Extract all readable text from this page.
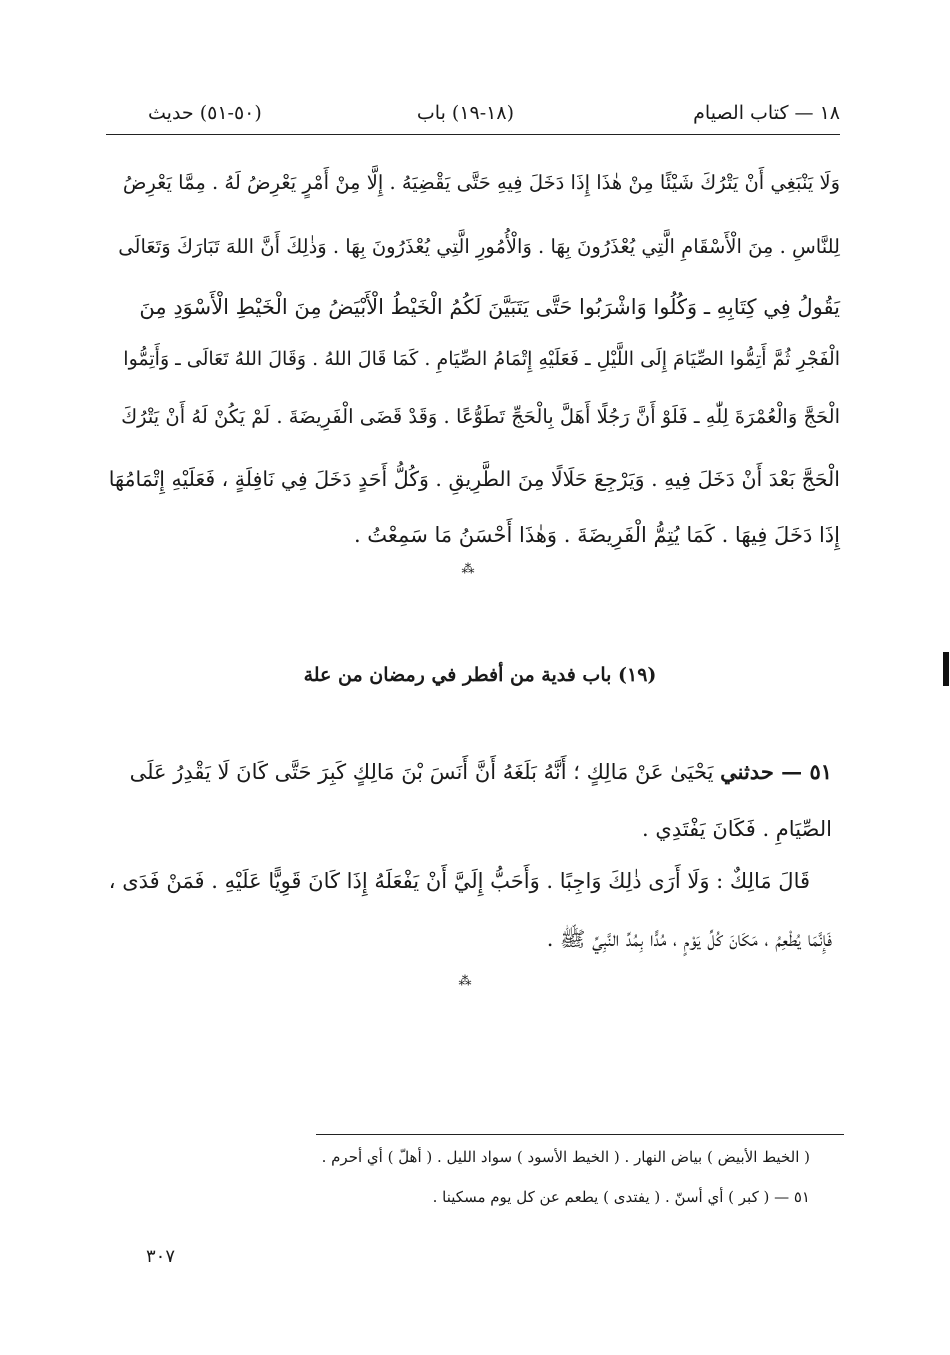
١٨ — كتاب الصيام
(١٨-١٩) باب
(٥٠-٥١) حديث
وَلَا يَنْبَغِي أَنْ يَتْرُكَ شَيْئًا مِنْ هٰذَا إِذَا دَخَلَ فِيهِ حَتَّى يَقْضِيَهُ . إِلَّا مِنْ أَمْرٍ يَعْرِضُ لَهُ . مِمَّا يَعْرِضُ
لِلنَّاسِ . مِنَ الْأَسْقَامِ الَّتِي يُعْذَرُونَ بِهَا . وَالْأُمُورِ الَّتِي يُعْذَرُونَ بِهَا . وَذٰلِكَ أَنَّ اللهَ تَبَارَكَ وَتَعَالَى
يَقُولُ فِي كِتَابِهِ ـ وَكُلُوا وَاشْرَبُوا حَتَّى يَتَبَيَّنَ لَكُمُ الْخَيْطُ الْأَبْيَضُ مِنَ الْخَيْطِ الْأَسْوَدِ مِنَ
الْفَجْرِ ثُمَّ أَتِمُّوا الصِّيَامَ إِلَى اللَّيْلِ ـ فَعَلَيْهِ إِتْمَامُ الصِّيَامِ . كَمَا قَالَ اللهُ . وَقَالَ اللهُ تَعَالَى ـ وَأَتِمُّوا
الْحَجَّ وَالْعُمْرَةَ لِلّٰهِ ـ فَلَوْ أَنَّ رَجُلًا أَهَلَّ بِالْحَجِّ تَطَوُّعًا . وَقَدْ قَضَى الْفَرِيضَةَ . لَمْ يَكُنْ لَهُ أَنْ يَتْرُكَ
الْحَجَّ بَعْدَ أَنْ دَخَلَ فِيهِ . وَيَرْجِعَ حَلَالًا مِنَ الطَّرِيقِ . وَكُلُّ أَحَدٍ دَخَلَ فِي نَافِلَةٍ ، فَعَلَيْهِ إِتْمَامُهَا
إِذَا دَخَلَ فِيهَا . كَمَا يُتِمُّ الْفَرِيضَةَ . وَهٰذَا أَحْسَنُ مَا سَمِعْتُ .
⁂
(١٩) باب فدية من أفطر في رمضان من علة
٥١ — حدثني يَحْيَىٰ عَنْ مَالِكٍ ؛ أَنَّهُ بَلَغَهُ أَنَّ أَنَسَ بْنَ مَالِكٍ كَبِرَ حَتَّى كَانَ لَا يَقْدِرُ عَلَى
الصِّيَامِ . فَكَانَ يَفْتَدِي .
قَالَ مَالِكٌ : وَلَا أَرَى ذٰلِكَ وَاجِبًا . وَأَحَبُّ إِلَيَّ أَنْ يَفْعَلَهُ إِذَا كَانَ قَوِيًّا عَلَيْهِ . فَمَنْ فَدَى ،
فَإِنَّمَا يُطْعِمُ ، مَكَانَ كُلِّ يَوْمٍ ، مُدًّا بِمُدِّ النَّبِيِّ ﷺ .
⁂
( الخيط الأبيض ) بياض النهار . ( الخيط الأسود ) سواد الليل . ( أهلّ ) أي أحرم .
٥١ — ( كبر ) أي أسنّ . ( يفتدى ) يطعم عن كل يوم مسكينا .
٣٠٧
